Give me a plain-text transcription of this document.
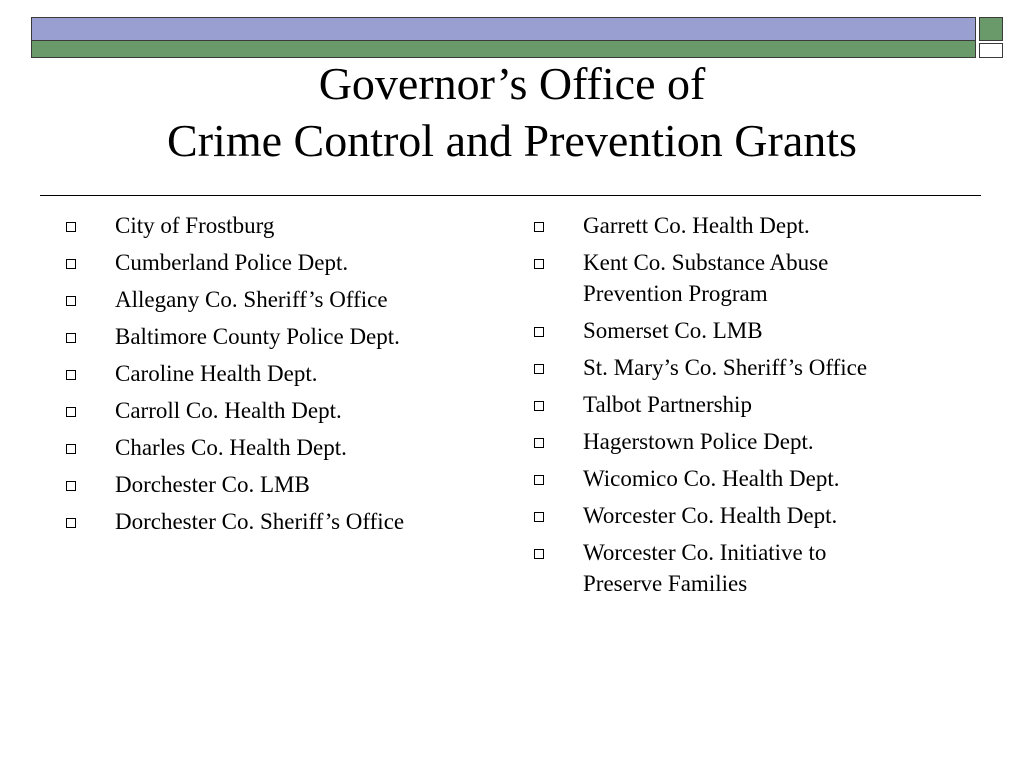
Governor’s Office of
Crime Control and Prevention Grants
City of Frostburg
Cumberland Police Dept.
Allegany Co. Sheriff’s Office
Baltimore County Police Dept.
Caroline Health Dept.
Carroll Co. Health Dept.
Charles Co. Health Dept.
Dorchester Co. LMB
Dorchester Co. Sheriff’s Office
Garrett Co. Health Dept.
Kent Co. Substance Abuse Prevention Program
Somerset Co. LMB
St. Mary’s Co. Sheriff’s Office
Talbot Partnership
Hagerstown Police Dept.
Wicomico Co. Health Dept.
Worcester Co. Health Dept.
Worcester Co. Initiative to Preserve Families
